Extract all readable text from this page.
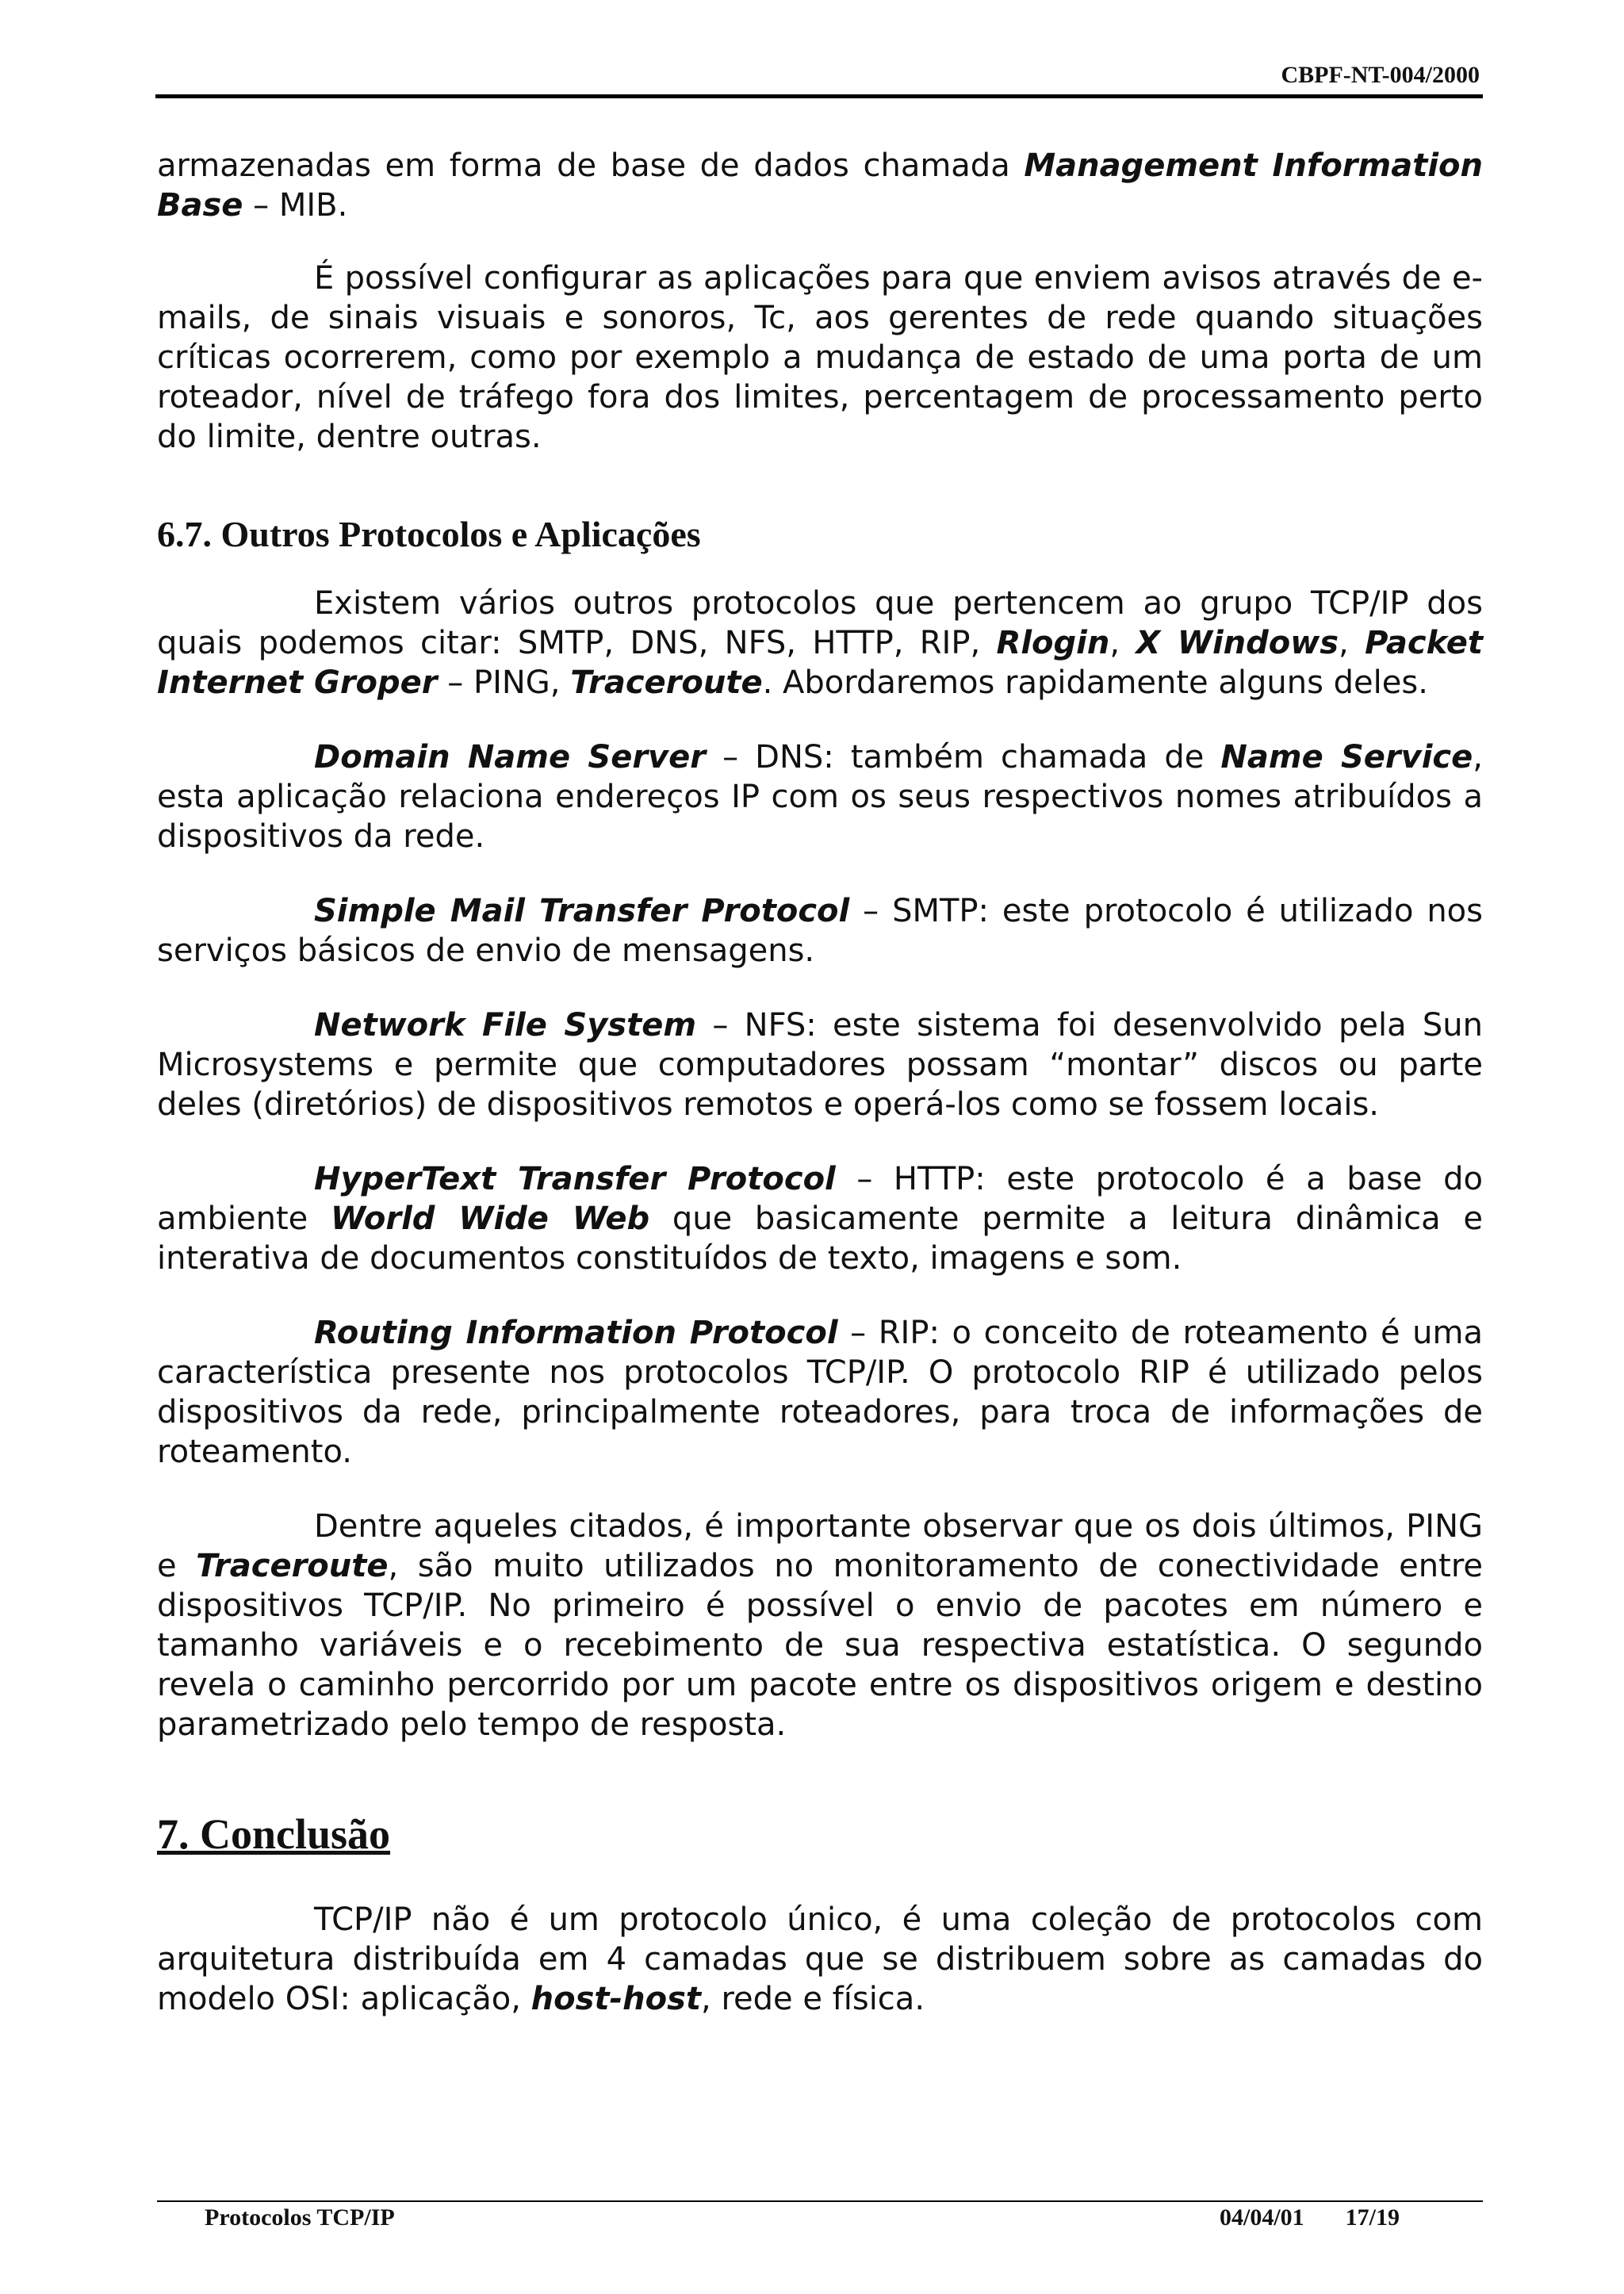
CBPF-NT-004/2000

armazenadas em forma de base de dados chamada Management Information Base – MIB.

É possível configurar as aplicações para que enviem avisos através de e-mails, de sinais visuais e sonoros, Tc, aos gerentes de rede quando situações críticas ocorrerem, como por exemplo a mudança de estado de uma porta de um roteador, nível de tráfego fora dos limites, percentagem de processamento perto do limite, dentre outras.

6.7. Outros Protocolos e Aplicações

Existem vários outros protocolos que pertencem ao grupo TCP/IP dos quais podemos citar: SMTP, DNS, NFS, HTTP, RIP, Rlogin, X Windows, Packet Internet Groper – PING, Traceroute. Abordaremos rapidamente alguns deles.

Domain Name Server – DNS: também chamada de Name Service, esta aplicação relaciona endereços IP com os seus respectivos nomes atribuídos a dispositivos da rede.

Simple Mail Transfer Protocol – SMTP: este protocolo é utilizado nos serviços básicos de envio de mensagens.

Network File System – NFS: este sistema foi desenvolvido pela Sun Microsystems e permite que computadores possam “montar” discos ou parte deles (diretórios) de dispositivos remotos e operá-los como se fossem locais.

HyperText Transfer Protocol – HTTP: este protocolo é a base do ambiente World Wide Web que basicamente permite a leitura dinâmica e interativa de documentos constituídos de texto, imagens e som.

Routing Information Protocol – RIP: o conceito de roteamento é uma característica presente nos protocolos TCP/IP. O protocolo RIP é utilizado pelos dispositivos da rede, principalmente roteadores, para troca de informações de roteamento.

Dentre aqueles citados, é importante observar que os dois últimos, PING e Traceroute, são muito utilizados no monitoramento de conectividade entre dispositivos TCP/IP. No primeiro é possível o envio de pacotes em número e tamanho variáveis e o recebimento de sua respectiva estatística. O segundo revela o caminho percorrido por um pacote entre os dispositivos origem e destino parametrizado pelo tempo de resposta.

7. Conclusão

TCP/IP não é um protocolo único, é uma coleção de protocolos com arquitetura distribuída em 4 camadas que se distribuem sobre as camadas do modelo OSI: aplicação, host-host, rede e física.

Protocolos TCP/IP	04/04/01 17/19
